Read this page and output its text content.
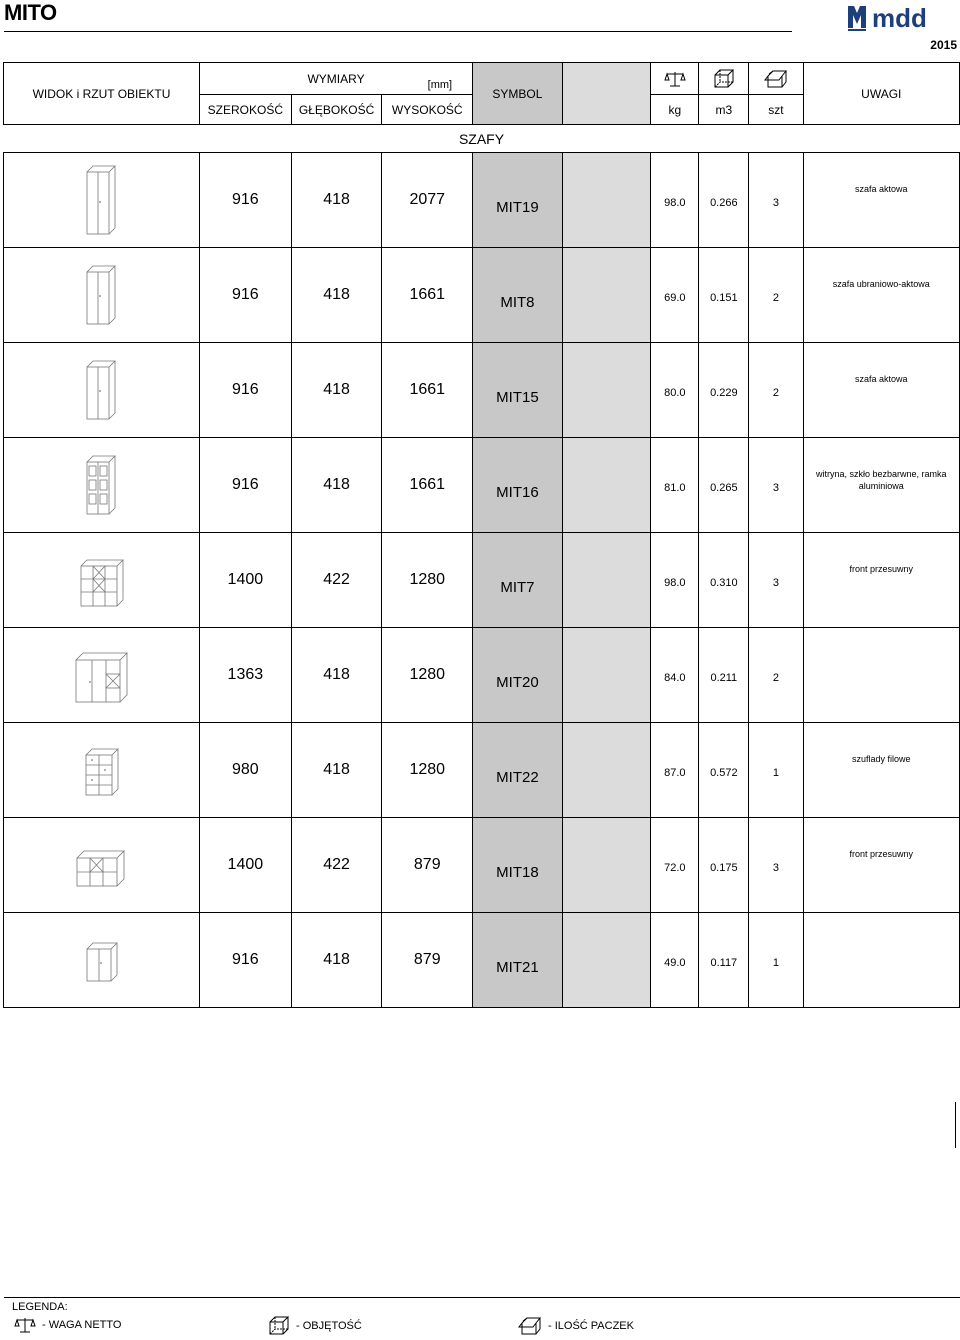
MITO	mdd
2015
WIDOK i RZUT OBIEKTU	WYMIARY [mm]			SYMBOL					UWAGI
	SZEROKOŚĆ	GŁĘBOKOŚĆ	WYSOKOŚĆ			kg	m3	szt	
SZAFY									

	916	418	2077	MIT19		98.0	0.266	3	szafa aktowa

	916	418	1661	MIT8		69.0	0.151	2	szafa ubraniowo-aktowa

	916	418	1661	MIT15		80.0	0.229	2	szafa aktowa

	916	418	1661	MIT16		81.0	0.265	3	witryna, szkło bezbarwne, ramka aluminiowa

	1400	422	1280	MIT7		98.0	0.310	3	front przesuwny

	1363	418	1280	MIT20		84.0	0.211	2	

	980	418	1280	MIT22		87.0	0.572	1	szuflady filowe

	1400	422	879	MIT18		72.0	0.175	3	front przesuwny

	916	418	879	MIT21		49.0	0.117	1	
LEGENDA:
- WAGA NETTO	- OBJĘTOŚĆ	- ILOŚĆ PACZEK
